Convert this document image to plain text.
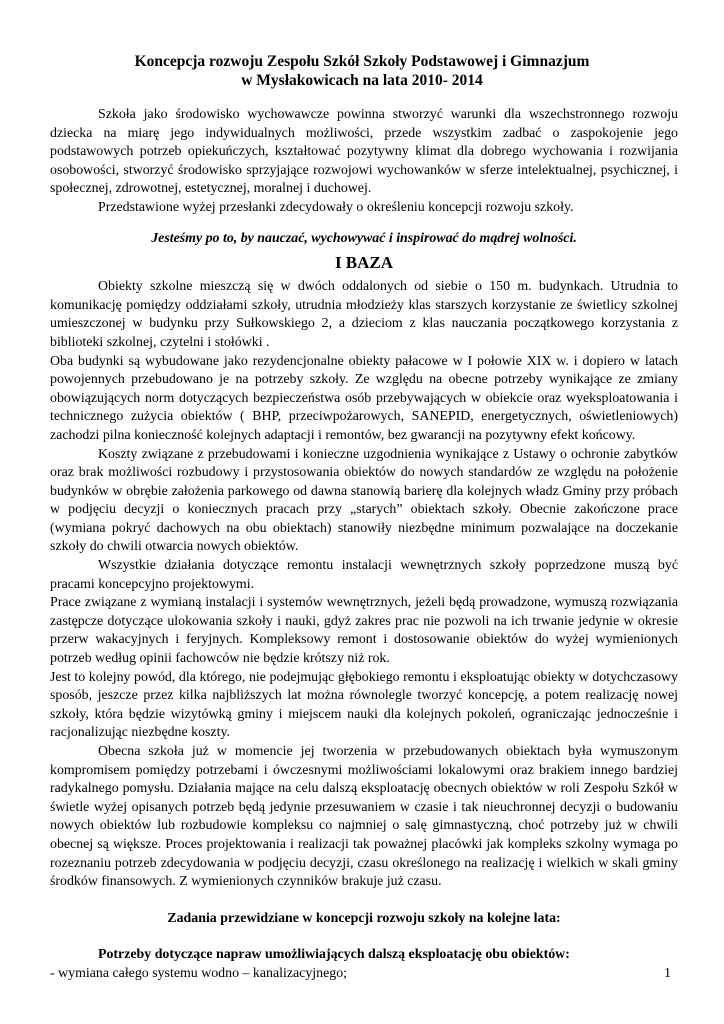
Koncepcja rozwoju Zespołu Szkół Szkoły Podstawowej i Gimnazjum
w Mysłakowicach na lata 2010- 2014

Szkoła jako środowisko wychowawcze powinna stworzyć warunki dla wszechstronnego rozwoju dziecka na miarę jego indywidualnych możliwości, przede wszystkim zadbać o zaspokojenie jego podstawowych potrzeb opiekuńczych, kształtować pozytywny klimat dla dobrego wychowania i rozwijania osobowości, stworzyć środowisko sprzyjające rozwojowi wychowanków w sferze intelektualnej, psychicznej, i społecznej, zdrowotnej, estetycznej, moralnej i duchowej.

Przedstawione wyżej przesłanki zdecydowały o określeniu koncepcji rozwoju szkoły.

Jesteśmy po to, by nauczać, wychowywać i inspirować do mądrej wolności.

I BAZA

Obiekty szkolne mieszczą się w dwóch oddalonych od siebie o 150 m. budynkach. Utrudnia to komunikację pomiędzy oddziałami szkoły, utrudnia młodzieży klas starszych korzystanie ze świetlicy szkolnej umieszczonej w budynku przy Sułkowskiego 2, a dzieciom z klas nauczania początkowego korzystania z biblioteki szkolnej, czytelni i stołówki .

Oba budynki są wybudowane jako rezydencjonalne obiekty pałacowe w I połowie XIX w. i dopiero w latach powojennych przebudowano je na potrzeby szkoły. Ze względu na obecne potrzeby wynikające ze zmiany obowiązujących norm dotyczących bezpieczeństwa osób przebywających w obiekcie oraz wyeksploatowania i technicznego zużycia obiektów ( BHP, przeciwpożarowych, SANEPID, energetycznych, oświetleniowych) zachodzi pilna konieczność kolejnych adaptacji i remontów, bez gwarancji na pozytywny efekt końcowy.

Koszty związane z przebudowami i konieczne uzgodnienia wynikające z Ustawy o ochronie zabytków oraz brak możliwości rozbudowy i przystosowania obiektów do nowych standardów ze względu na położenie budynków w obrębie założenia parkowego od dawna stanowią barierę dla kolejnych władz Gminy przy próbach w podjęciu decyzji o koniecznych pracach przy „starych” obiektach szkoły. Obecnie zakończone prace (wymiana pokryć dachowych na obu obiektach) stanowiły niezbędne minimum pozwalające na doczekanie szkoły do chwili otwarcia nowych obiektów.

Wszystkie działania dotyczące remontu instalacji wewnętrznych szkoły poprzedzone muszą być pracami koncepcyjno projektowymi.

Prace związane z wymianą instalacji i systemów wewnętrznych, jeżeli będą prowadzone, wymuszą rozwiązania zastępcze dotyczące ulokowania szkoły i nauki, gdyż zakres prac nie pozwoli na ich trwanie jedynie w okresie przerw wakacyjnych i feryjnych. Kompleksowy remont i dostosowanie obiektów do wyżej wymienionych potrzeb według opinii fachowców nie będzie krótszy niż rok.

Jest to kolejny powód, dla którego, nie podejmując głębokiego remontu i eksploatując obiekty w dotychczasowy sposób, jeszcze przez kilka najbliższych lat można równolegle tworzyć koncepcję, a potem realizację nowej szkoły, która będzie wizytówką gminy i miejscem nauki dla kolejnych pokoleń, ograniczając jednocześnie i racjonalizując niezbędne koszty.

Obecna szkoła już w momencie jej tworzenia w przebudowanych obiektach była wymuszonym kompromisem pomiędzy potrzebami i ówczesnymi możliwościami lokalowymi oraz brakiem innego bardziej radykalnego pomysłu. Działania mające na celu dalszą eksploatację obecnych obiektów w roli Zespołu Szkół w świetle wyżej opisanych potrzeb będą jedynie przesuwaniem w czasie i tak nieuchronnej decyzji o budowaniu nowych obiektów lub rozbudowie kompleksu co najmniej o salę gimnastyczną, choć potrzeby już w chwili obecnej są większe. Proces projektowania i realizacji tak poważnej placówki jak kompleks szkolny wymaga po rozeznaniu potrzeb zdecydowania w podjęciu decyzji, czasu określonego na realizację i wielkich w skali gminy środków finansowych. Z wymienionych czynników brakuje już czasu.

Zadania przewidziane w koncepcji rozwoju szkoły na kolejne lata:

Potrzeby dotyczące napraw umożliwiających dalszą eksploatację obu obiektów:

- wymiana całego systemu wodno – kanalizacyjnego;	1
